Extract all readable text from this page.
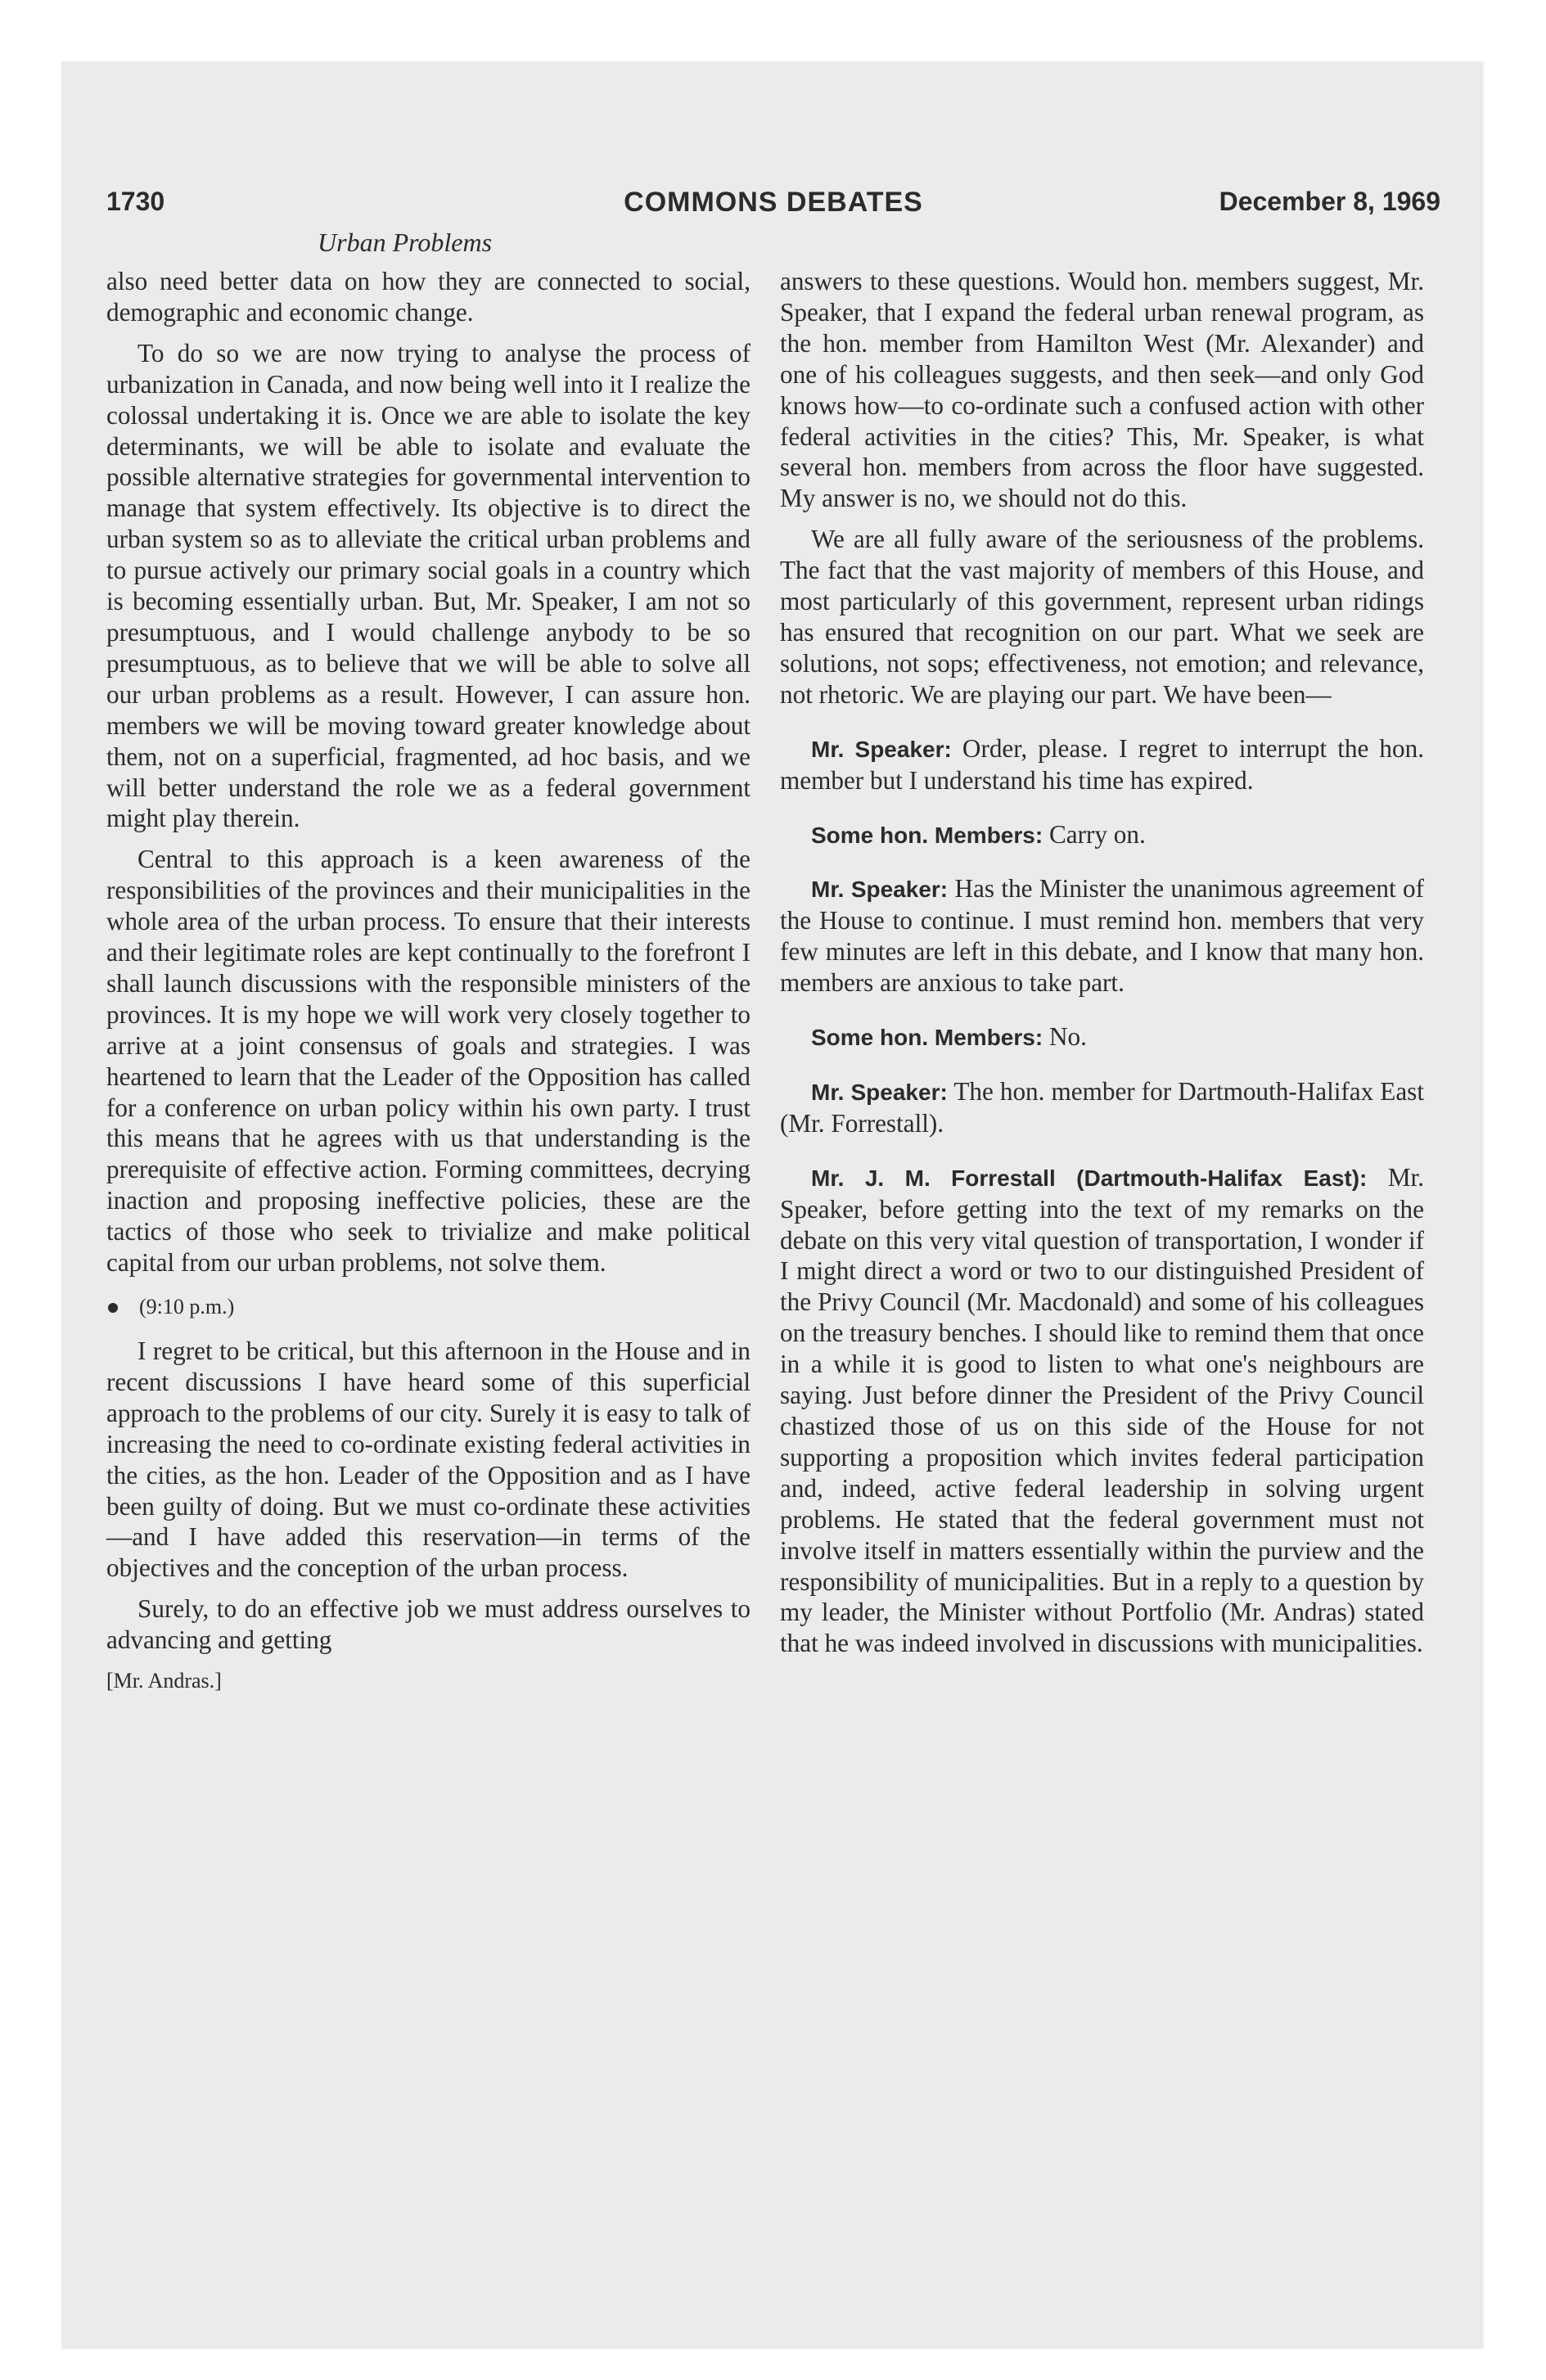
1730	COMMONS DEBATES	December 8, 1969
Urban Problems

also need better data on how they are connected to social, demographic and economic change.

To do so we are now trying to analyse the process of urbanization in Canada, and now being well into it I realize the colossal undertaking it is. Once we are able to isolate the key determinants, we will be able to isolate and evaluate the possible alternative strategies for governmental intervention to manage that system effectively. Its objective is to direct the urban system so as to alleviate the critical urban problems and to pursue actively our primary social goals in a country which is becoming essentially urban. But, Mr. Speaker, I am not so presumptuous, and I would challenge anybody to be so presumptuous, as to believe that we will be able to solve all our urban problems as a result. However, I can assure hon. members we will be moving toward greater knowledge about them, not on a superficial, fragmented, ad hoc basis, and we will better understand the role we as a federal government might play therein.

Central to this approach is a keen awareness of the responsibilities of the provinces and their municipalities in the whole area of the urban process. To ensure that their interests and their legitimate roles are kept continually to the forefront I shall launch discussions with the responsible ministers of the provinces. It is my hope we will work very closely together to arrive at a joint consensus of goals and strategies. I was heartened to learn that the Leader of the Opposition has called for a conference on urban policy within his own party. I trust this means that he agrees with us that understanding is the prerequisite of effective action. Forming committees, decrying inaction and proposing ineffective policies, these are the tactics of those who seek to trivialize and make political capital from our urban problems, not solve them.

(9:10 p.m.)

I regret to be critical, but this afternoon in the House and in recent discussions I have heard some of this superficial approach to the problems of our city. Surely it is easy to talk of increasing the need to co-ordinate existing federal activities in the cities, as the hon. Leader of the Opposition and as I have been guilty of doing. But we must co-ordinate these activities—and I have added this reservation—in terms of the objectives and the conception of the urban process.

Surely, to do an effective job we must address ourselves to advancing and getting

[Mr. Andras.]

answers to these questions. Would hon. members suggest, Mr. Speaker, that I expand the federal urban renewal program, as the hon. member from Hamilton West (Mr. Alexander) and one of his colleagues suggests, and then seek—and only God knows how—to co-ordinate such a confused action with other federal activities in the cities? This, Mr. Speaker, is what several hon. members from across the floor have suggested. My answer is no, we should not do this.

We are all fully aware of the seriousness of the problems. The fact that the vast majority of members of this House, and most particularly of this government, represent urban ridings has ensured that recognition on our part. What we seek are solutions, not sops; effectiveness, not emotion; and relevance, not rhetoric. We are playing our part. We have been—

Mr. Speaker: Order, please. I regret to interrupt the hon. member but I understand his time has expired.

Some hon. Members: Carry on.

Mr. Speaker: Has the Minister the unanimous agreement of the House to continue. I must remind hon. members that very few minutes are left in this debate, and I know that many hon. members are anxious to take part.

Some hon. Members: No.

Mr. Speaker: The hon. member for Dartmouth-Halifax East (Mr. Forrestall).

Mr. J. M. Forrestall (Dartmouth-Halifax East): Mr. Speaker, before getting into the text of my remarks on the debate on this very vital question of transportation, I wonder if I might direct a word or two to our distinguished President of the Privy Council (Mr. Macdonald) and some of his colleagues on the treasury benches. I should like to remind them that once in a while it is good to listen to what one's neighbours are saying. Just before dinner the President of the Privy Council chastized those of us on this side of the House for not supporting a proposition which invites federal participation and, indeed, active federal leadership in solving urgent problems. He stated that the federal government must not involve itself in matters essentially within the purview and the responsibility of municipalities. But in a reply to a question by my leader, the Minister without Portfolio (Mr. Andras) stated that he was indeed involved in discussions with municipalities.
